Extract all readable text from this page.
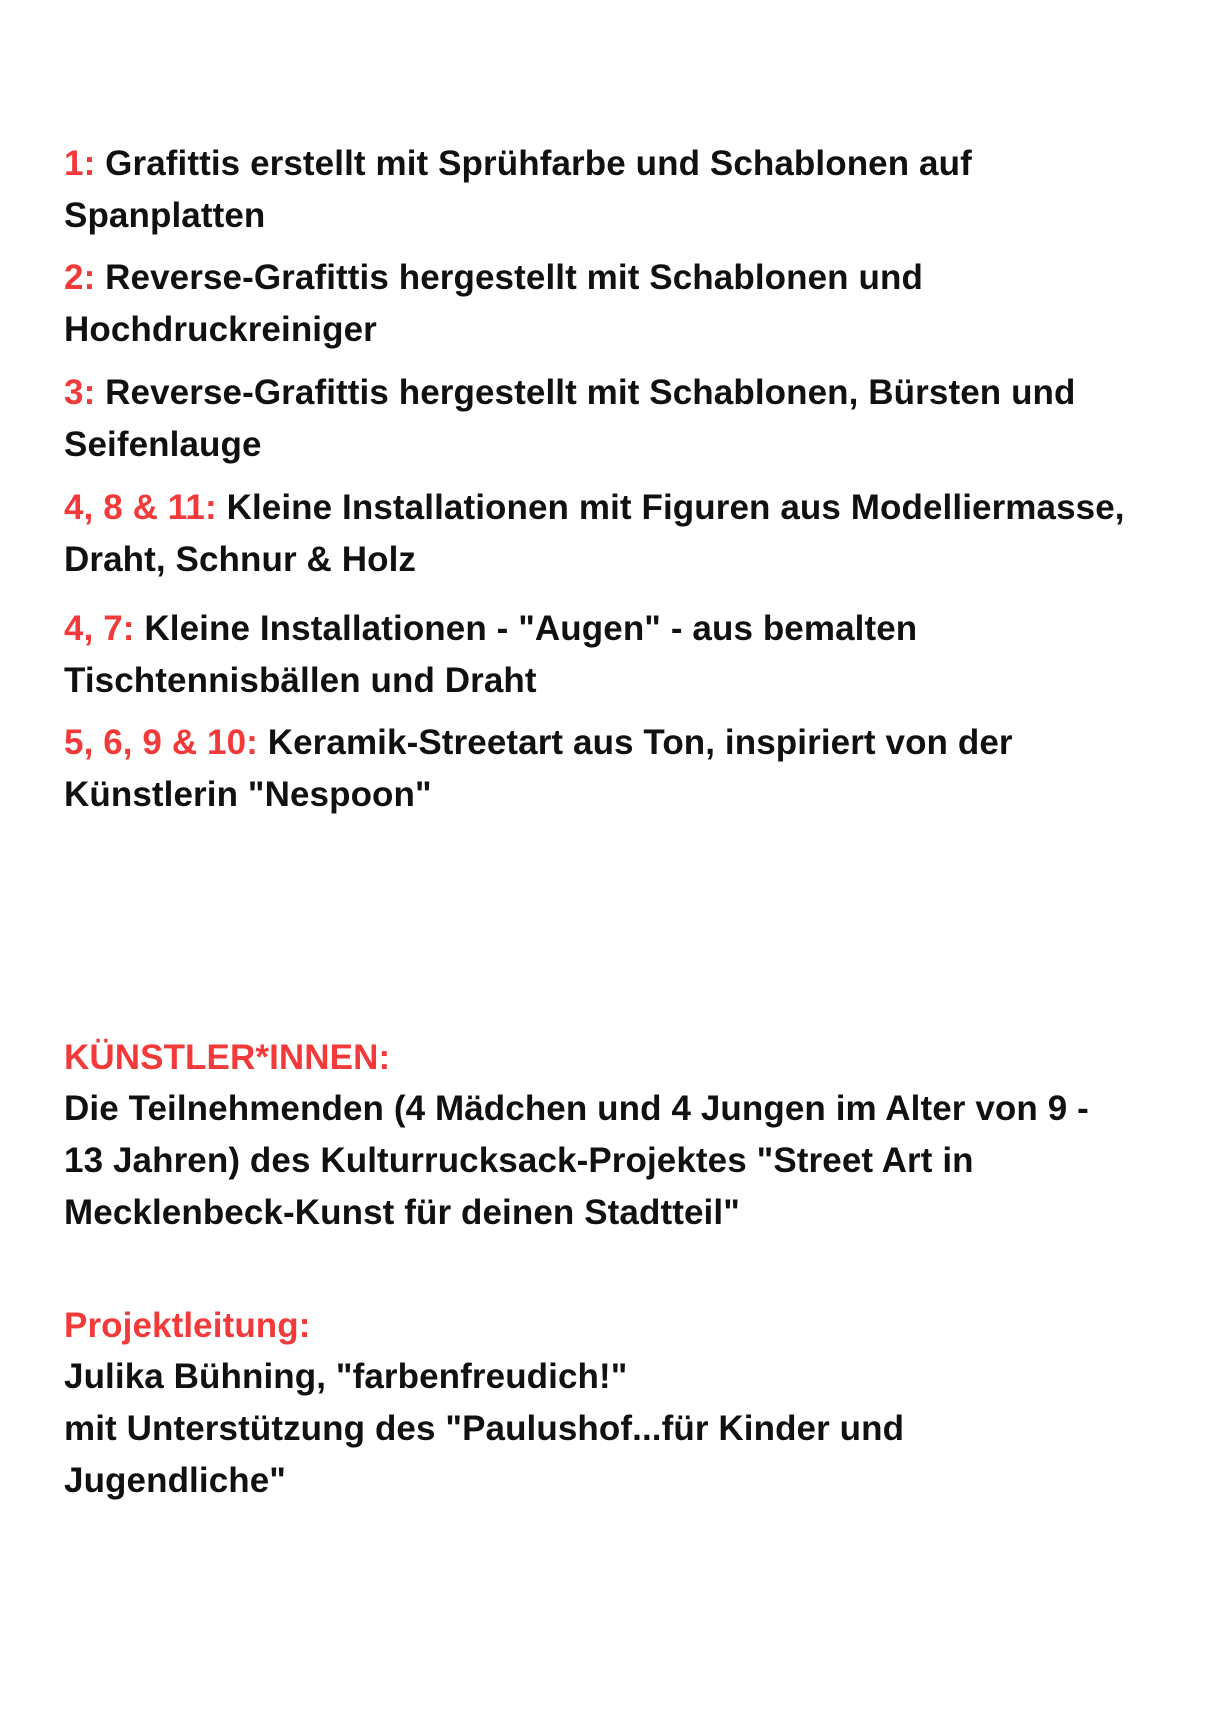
1: Grafittis erstellt mit Sprühfarbe und Schablonen auf
Spanplatten

2: Reverse-Grafittis hergestellt mit Schablonen und
Hochdruckreiniger

3: Reverse-Grafittis hergestellt mit Schablonen, Bürsten und
Seifenlauge

4, 8 & 11: Kleine Installationen mit Figuren aus Modelliermasse,
Draht, Schnur & Holz

4, 7: Kleine Installationen - "Augen" - aus bemalten
Tischtennisbällen und Draht

5, 6, 9 & 10: Keramik-Streetart aus Ton, inspiriert von der
Künstlerin "Nespoon"

KÜNSTLER*INNEN:

Die Teilnehmenden (4 Mädchen und 4 Jungen im Alter von 9 -
13 Jahren) des Kulturrucksack-Projektes "Street Art in
Mecklenbeck-Kunst für deinen Stadtteil"

Projektleitung:

Julika Bühning, "farbenfreudich!"
mit Unterstützung des "Paulushof...für Kinder und
Jugendliche"
